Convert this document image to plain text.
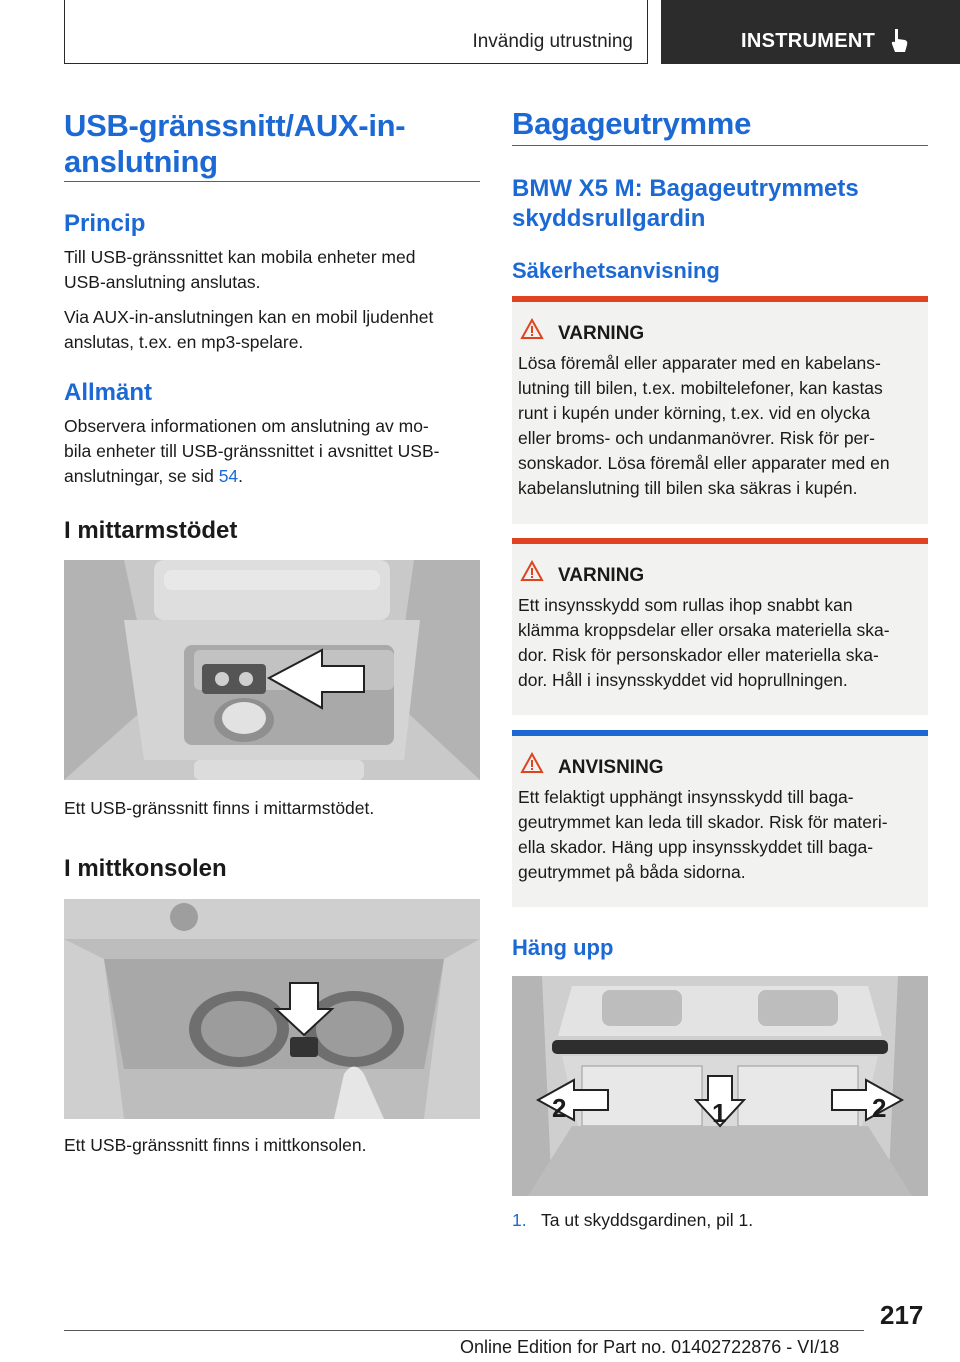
Invändig utrustning	INSTRUMENT
USB-gränssnitt/AUX-in-
anslutning
Princip
Till USB-gränssnittet kan mobila enheter med
USB-anslutning anslutas.
Via AUX-in-anslutningen kan en mobil ljudenhet
anslutas, t.ex. en mp3-spelare.
Allmänt
Observera informationen om anslutning av mo-
bila enheter till USB-gränssnittet i avsnittet USB-
anslutningar, se sid 54.
I mittarmstödet
Ett USB-gränssnitt finns i mittarmstödet.
I mittkonsolen
Ett USB-gränssnitt finns i mittkonsolen.
Bagageutrymme
BMW X5 M: Bagageutrymmets
skyddsrullgardin
Säkerhetsanvisning
VARNING
Lösa föremål eller apparater med en kabelans-
lutning till bilen, t.ex. mobiltelefoner, kan kastas
runt i kupén under körning, t.ex. vid en olycka
eller broms- och undanmanövrer. Risk för per-
sonskador. Lösa föremål eller apparater med en
kabelanslutning till bilen ska säkras i kupén.
VARNING
Ett insynsskydd som rullas ihop snabbt kan
klämma kroppsdelar eller orsaka materiella ska-
dor. Risk för personskador eller materiella ska-
dor. Håll i insynsskyddet vid hoprullningen.
ANVISNING
Ett felaktigt upphängt insynsskydd till baga-
geutrymmet kan leda till skador. Risk för materi-
ella skador. Häng upp insynsskyddet till baga-
geutrymmet på båda sidorna.
Häng upp
2	1	2
1. Ta ut skyddsgardinen, pil 1.
217
Online Edition for Part no. 01402722876 - VI/18
